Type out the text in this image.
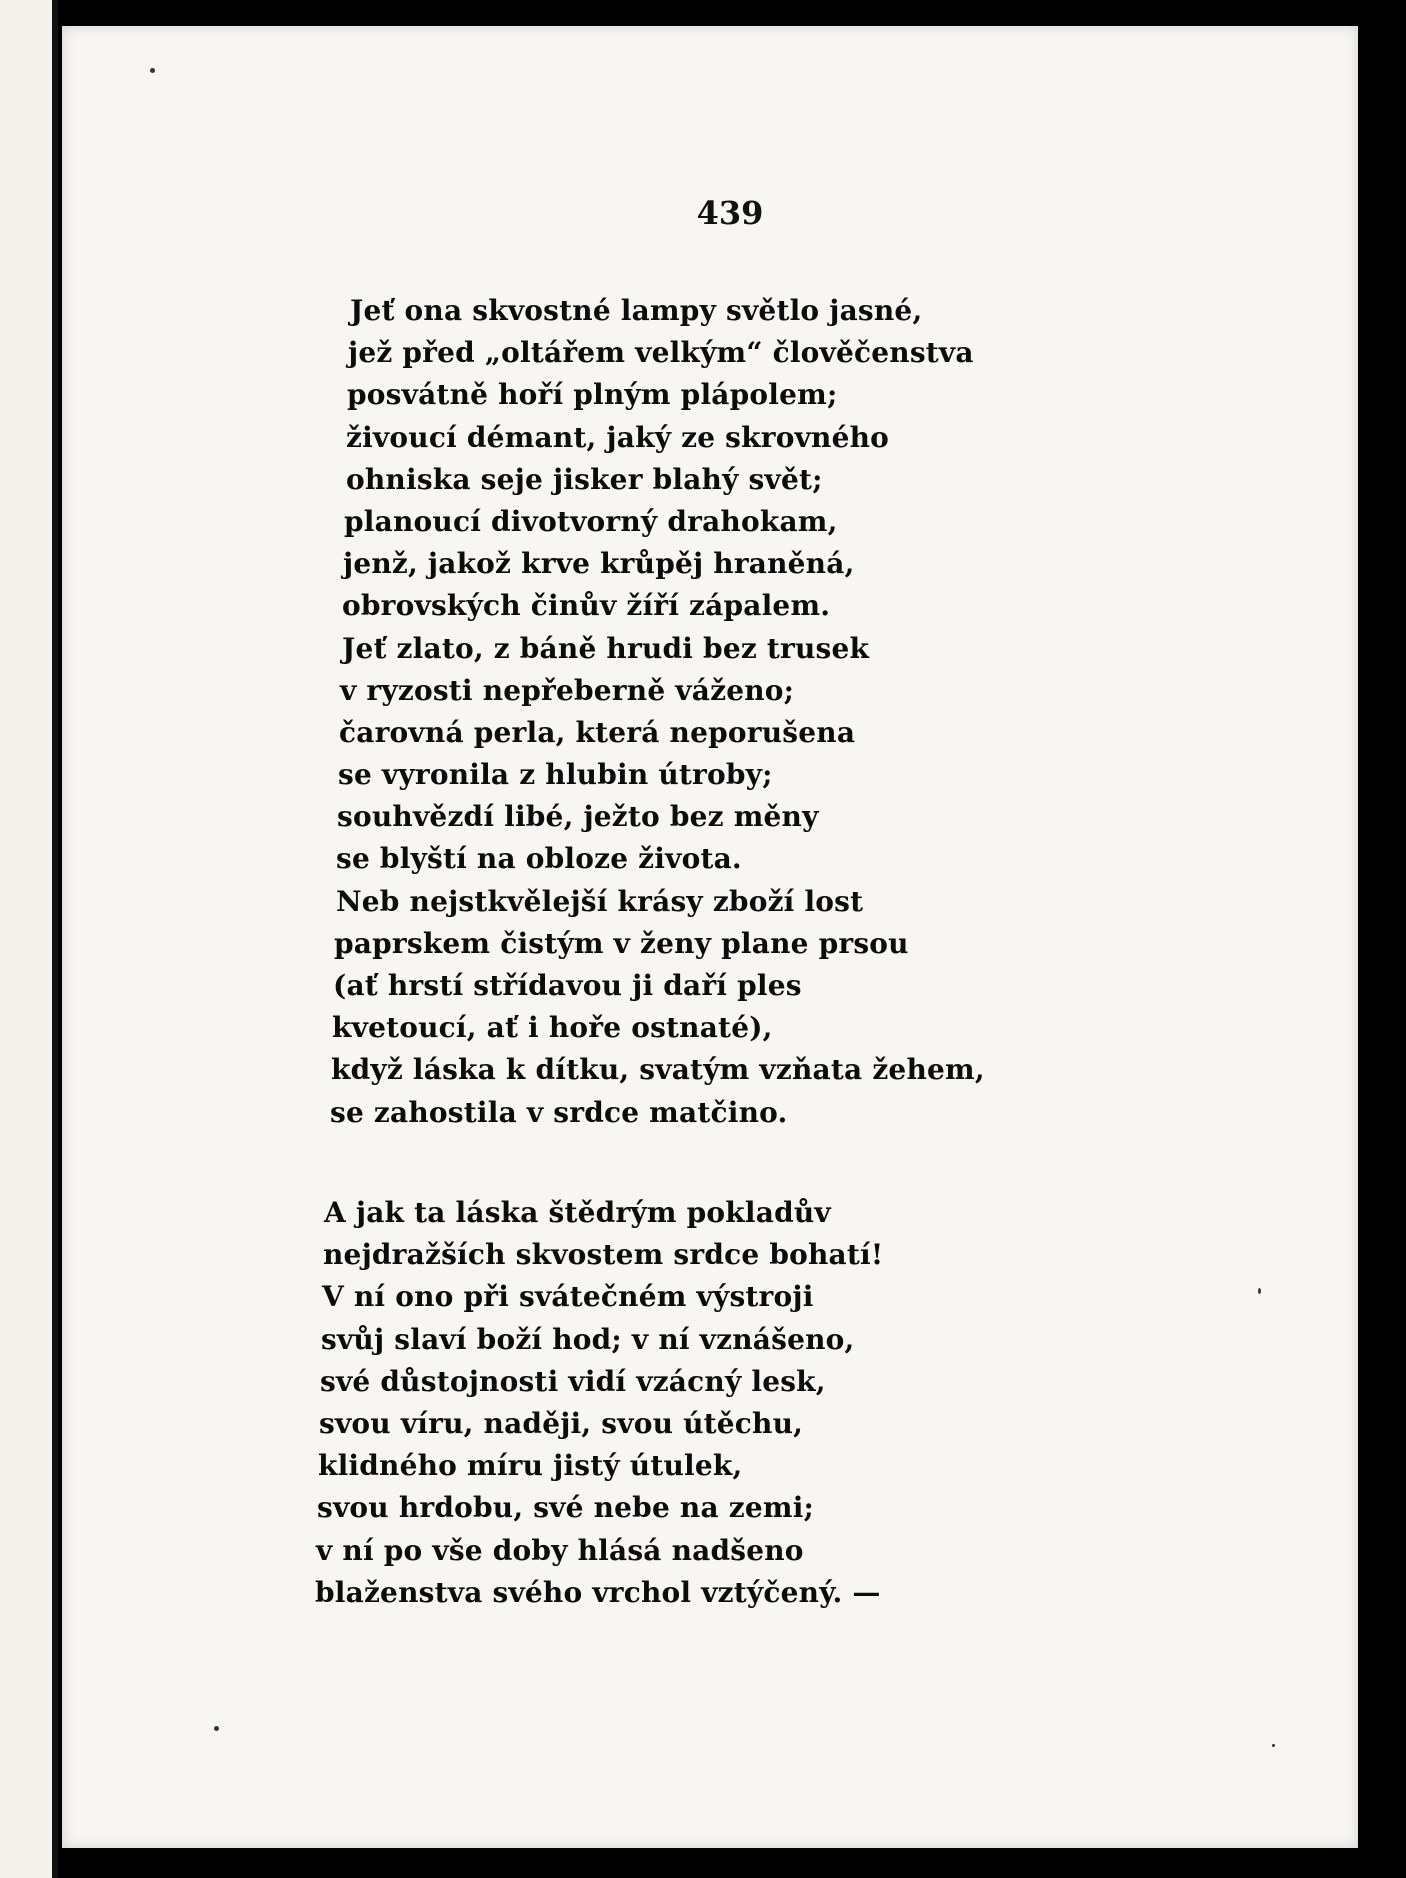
439
Jeť ona skvostné lampy světlo jasné,
jež před „oltářem velkým“ člověčenstva
posvátně hoří plným plápolem;
živoucí démant, jaký ze skrovného
ohniska seje jisker blahý svět;
planoucí divotvorný drahokam,
jenž, jakož krve krůpěj hraněná,
obrovských činův žíří zápalem.
Jeť zlato, z báně hrudi bez trusek
v ryzosti nepřeberně váženo;
čarovná perla, která neporušena
se vyronila z hlubin útroby;
souhvězdí libé, ježto bez měny
se blyští na obloze života.
Neb nejstkvělejší krásy zboží lost
paprskem čistým v ženy plane prsou
(ať hrstí střídavou ji daří ples
kvetoucí, ať i hoře ostnaté),
když láska k dítku, svatým vzňata žehem,
se zahostila v srdce matčino.
A jak ta láska štědrým pokladův
nejdražších skvostem srdce bohatí!
V ní ono při svátečném výstroji
svůj slaví boží hod; v ní vznášeno,
své důstojnosti vidí vzácný lesk,
svou víru, naději, svou útěchu,
klidného míru jistý útulek,
svou hrdobu, své nebe na zemi;
v ní po vše doby hlásá nadšeno
blaženstva svého vrchol vztýčený. —
